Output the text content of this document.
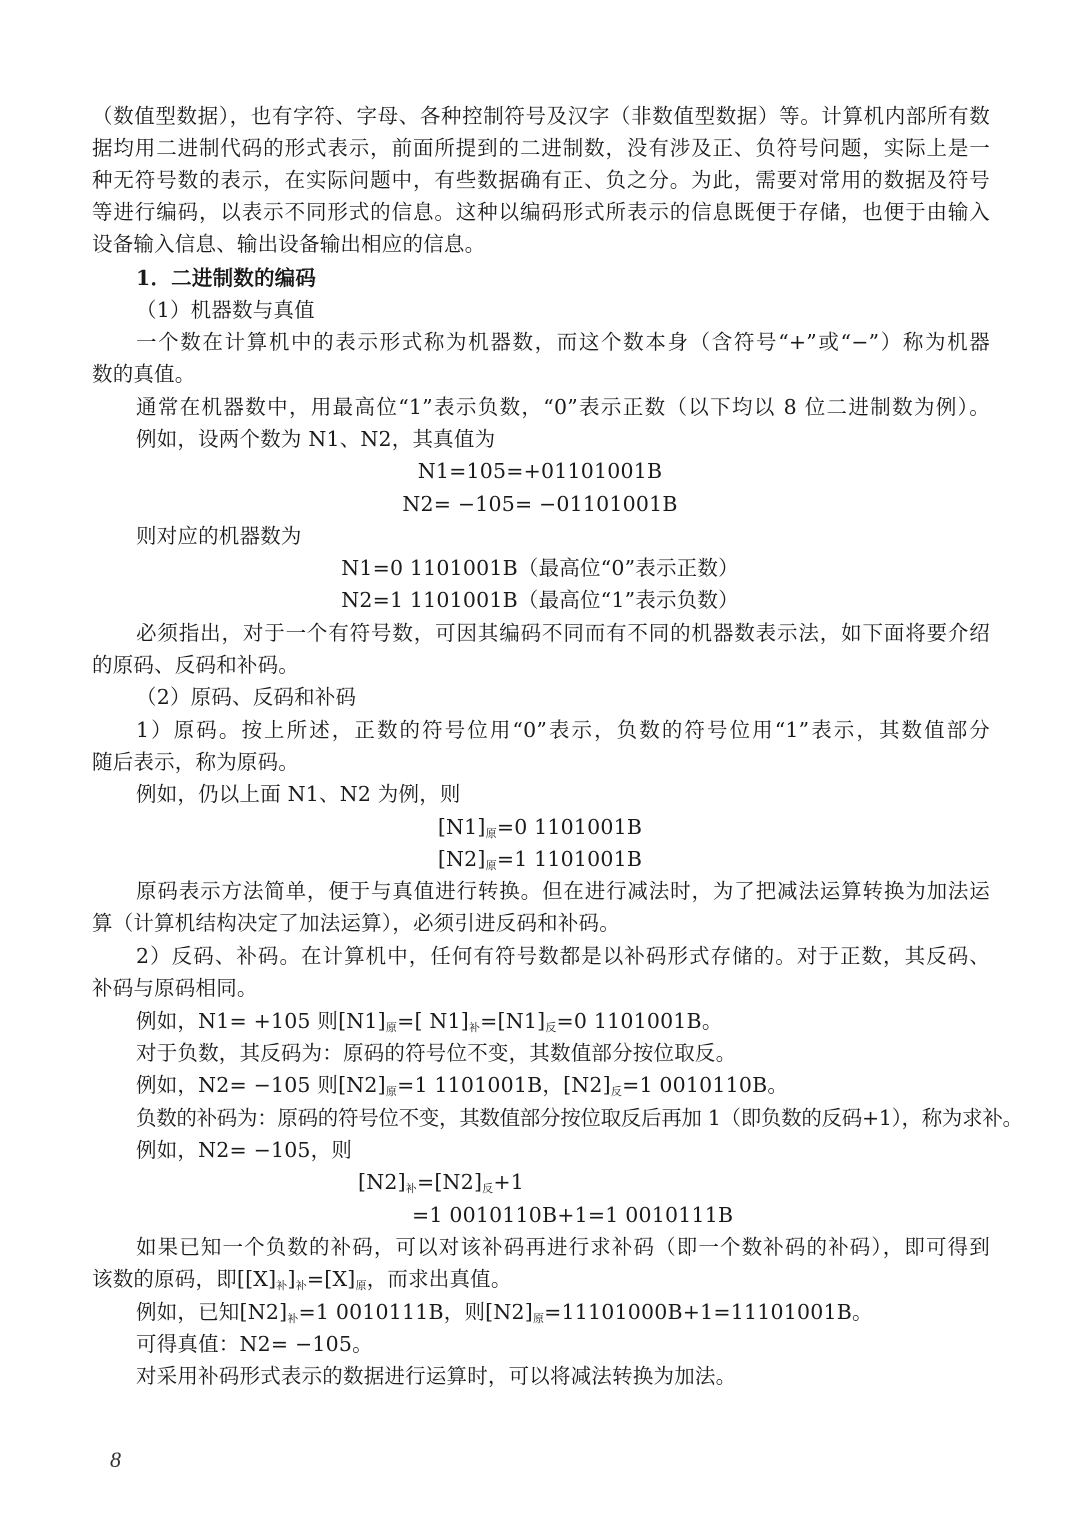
（数值型数据），也有字符、字母、各种控制符号及汉字（非数值型数据）等。计算机内部所有数
据均用二进制代码的形式表示，前面所提到的二进制数，没有涉及正、负符号问题，实际上是一
种无符号数的表示，在实际问题中，有些数据确有正、负之分。为此，需要对常用的数据及符号
等进行编码，以表示不同形式的信息。这种以编码形式所表示的信息既便于存储，也便于由输入
设备输入信息、输出设备输出相应的信息。
1．二进制数的编码
（1）机器数与真值
一个数在计算机中的表示形式称为机器数，而这个数本身（含符号“+”或“−”）称为机器
数的真值。
通常在机器数中，用最高位“1”表示负数，“0”表示正数（以下均以 8 位二进制数为例）。
例如，设两个数为 N1、N2，其真值为
N1=105=+01101001B
N2= −105= −01101001B
则对应的机器数为
N1=0 1101001B（最高位“0”表示正数）
N2=1 1101001B（最高位“1”表示负数）
必须指出，对于一个有符号数，可因其编码不同而有不同的机器数表示法，如下面将要介绍
的原码、反码和补码。
（2）原码、反码和补码
1）原码。按上所述，正数的符号位用“0”表示，负数的符号位用“1”表示，其数值部分
随后表示，称为原码。
例如，仍以上面 N1、N2 为例，则
$[N1]_原=0$ 1101001B
$[N2]_原=1$ 1101001B
原码表示方法简单，便于与真值进行转换。但在进行减法时，为了把减法运算转换为加法运
算（计算机结构决定了加法运算），必须引进反码和补码。
2）反码、补码。在计算机中，任何有符号数都是以补码形式存储的。对于正数，其反码、
补码与原码相同。
例如，N1= +105 则$[N1]_原=$[ $N1]_补=[N1]_反=0$ 1101001B。
对于负数，其反码为：原码的符号位不变，其数值部分按位取反。
例如，N2= −105 则$[N2]_原=1$ 1101001B，$[N2]_反=1$ 0010110B。
负数的补码为：原码的符号位不变，其数值部分按位取反后再加 1（即负数的反码+1），称为求补。
例如，N2= −105，则
$[N2]_补=[N2]_反+1$
=1 0010110B+1=1 0010111B
如果已知一个负数的补码，可以对该补码再进行求补码（即一个数补码的补码），即可得到
该数的原码，即$[[X]_补]_补=[X]_原$，而求出真值。
例如，已知$[N2]_补=1$ 0010111B，则$[N2]_原=11101000B+1=11101001B$。
可得真值：N2= −105。
对采用补码形式表示的数据进行运算时，可以将减法转换为加法。
8
